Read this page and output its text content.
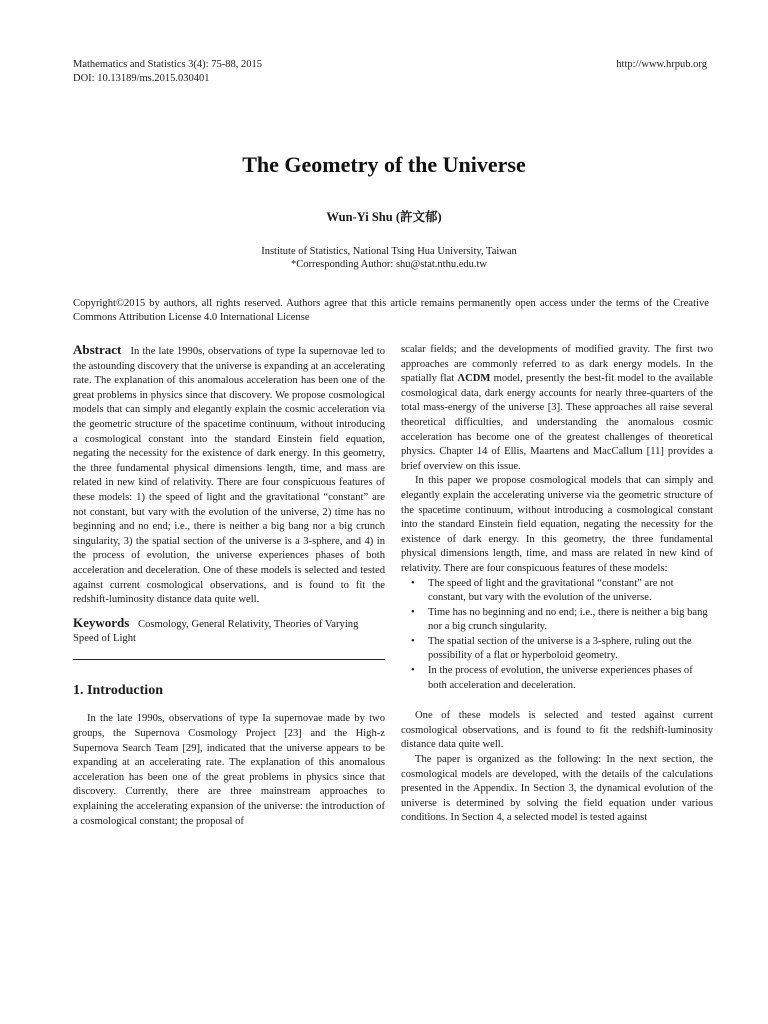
Mathematics and Statistics 3(4): 75-88, 2015
DOI: 10.13189/ms.2015.030401
http://www.hrpub.org
The Geometry of the Universe
Wun-Yi Shu (許文郁)
Institute of Statistics, National Tsing Hua University, Taiwan
*Corresponding Author: shu@stat.nthu.edu.tw
Copyright©2015 by authors, all rights reserved. Authors agree that this article remains permanently open access under the terms of the Creative Commons Attribution License 4.0 International License

Abstract In the late 1990s, observations of type Ia supernovae led to the astounding discovery that the universe is expanding at an accelerating rate. The explanation of this anomalous acceleration has been one of the great problems in physics since that discovery. We propose cosmological models that can simply and elegantly explain the cosmic acceleration via the geometric structure of the spacetime continuum, without introducing a cosmological constant into the standard Einstein field equation, negating the necessity for the existence of dark energy. In this geometry, the three fundamental physical dimensions length, time, and mass are related in new kind of relativity. There are four conspicuous features of these models: 1) the speed of light and the gravitational “constant” are not constant, but vary with the evolution of the universe, 2) time has no beginning and no end; i.e., there is neither a big bang nor a big crunch singularity, 3) the spatial section of the universe is a 3-sphere, and 4) in the process of evolution, the universe experiences phases of both acceleration and deceleration. One of these models is selected and tested against current cosmological observations, and is found to fit the redshift-luminosity distance data quite well.

Keywords Cosmology, General Relativity, Theories of Varying Speed of Light

1. Introduction

In the late 1990s, observations of type Ia supernovae made by two groups, the Supernova Cosmology Project [23] and the High-z Supernova Search Team [29], indicated that the universe appears to be expanding at an accelerating rate. The explanation of this anomalous acceleration has been one of the great problems in physics since that discovery. Currently, there are three mainstream approaches to explaining the accelerating expansion of the universe: the introduction of a cosmological constant; the proposal of

scalar fields; and the developments of modified gravity. The first two approaches are commonly referred to as dark energy models. In the spatially flat ΛCDM model, presently the best-fit model to the available cosmological data, dark energy accounts for nearly three-quarters of the total mass-energy of the universe [3]. These approaches all raise several theoretical difficulties, and understanding the anomalous cosmic acceleration has become one of the greatest challenges of theoretical physics. Chapter 14 of Ellis, Maartens and MacCallum [11] provides a brief overview on this issue.

In this paper we propose cosmological models that can simply and elegantly explain the accelerating universe via the geometric structure of the spacetime continuum, without introducing a cosmological constant into the standard Einstein field equation, negating the necessity for the existence of dark energy. In this geometry, the three fundamental physical dimensions length, time, and mass are related in new kind of relativity. There are four conspicuous features of these models:

• The speed of light and the gravitational “constant” are not constant, but vary with the evolution of the universe.
• Time has no beginning and no end; i.e., there is neither a big bang nor a big crunch singularity.
• The spatial section of the universe is a 3-sphere, ruling out the possibility of a flat or hyperboloid geometry.
• In the process of evolution, the universe experiences phases of both acceleration and deceleration.

One of these models is selected and tested against current cosmological observations, and is found to fit the redshift-luminosity distance data quite well.

The paper is organized as the following: In the next section, the cosmological models are developed, with the details of the calculations presented in the Appendix. In Section 3, the dynamical evolution of the universe is determined by solving the field equation under various conditions. In Section 4, a selected model is tested against
